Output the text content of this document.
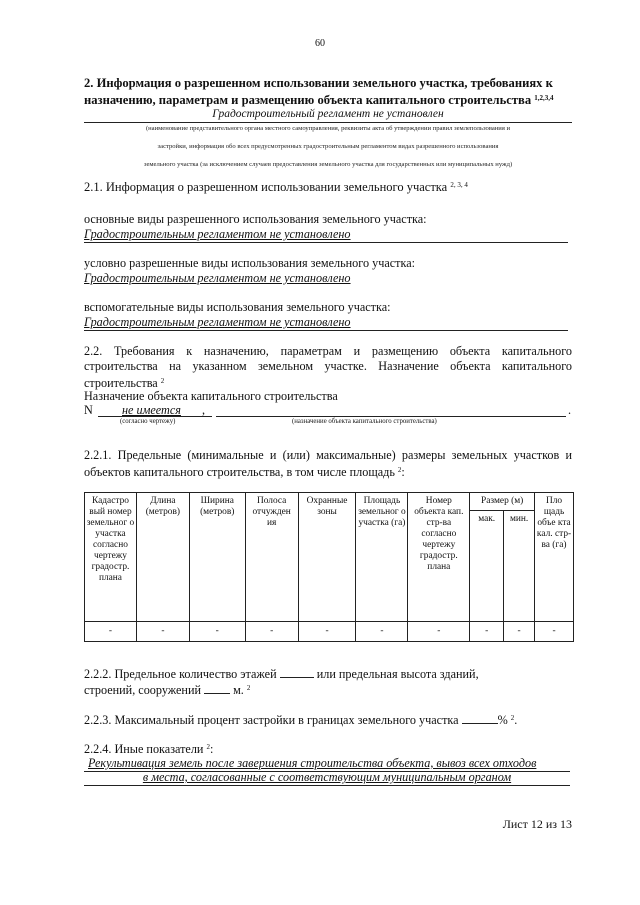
60
2. Информация о разрешенном использовании земельного участка, требованиях к
назначению, параметрам и размещению объекта капитального строительства $^{1,2,3,4}$
Градостроительный регламент не установлен
(наименование представительного органа местного самоуправления, реквизиты акта об утверждении правил землепользования и
застройки, информация обо всех предусмотренных градостроительным регламентом видах разрешенного использования
земельного участка (за исключением случаев предоставления земельного участка для государственных или муниципальных нужд)
2.1. Информация о разрешенном использовании земельного участка $^{2, 3, 4}$
основные виды разрешенного использования земельного участка:
Градостроительным регламентом не установлено
условно разрешенные виды использования земельного участка:
Градостроительным регламентом не установлено
вспомогательные виды использования земельного участка:
Градостроительным регламентом не установлено
2.2. Требования к назначению, параметрам и размещению объекта капитального
строительства на указанном земельном участке. Назначение объекта капитального
строительства $^2$
Назначение объекта капитального строительства
N не имеется ,	.
(согласно чертежу)	(назначение объекта капитального строительства)
2.2.1. Предельные (минимальные и (или) максимальные) размеры земельных участков и
объектов капитального строительства, в том числе площадь $^2$:
Кадастро вый номер земельног о участка согласно чертежу градостр. плана	Длина (метров)	Ширина (метров)	Полоса отчужден ия	Охранные зоны	Площадь земельног о участка (га)	Номер объекта кап. стр-ва согласно чертежу градостр. плана	Размер (м)		Пло щадь объе кта кал. стр- ва (га)
							мак.	мин.	
-	-	-	-	-	-	-	-	-	-
2.2.2. Предельное количество этажей	или предельная высота зданий,
строений, сооружений	м. $^2$
2.2.3. Максимальный процент застройки в границах земельного участка	% $^2$.
2.2.4. Иные показатели $^2$:
Рекультивация земель после завершения строительства объекта, вывоз всех отходов
в места, согласованные с соответствующим муниципальным органом
Лист 12 из 13
